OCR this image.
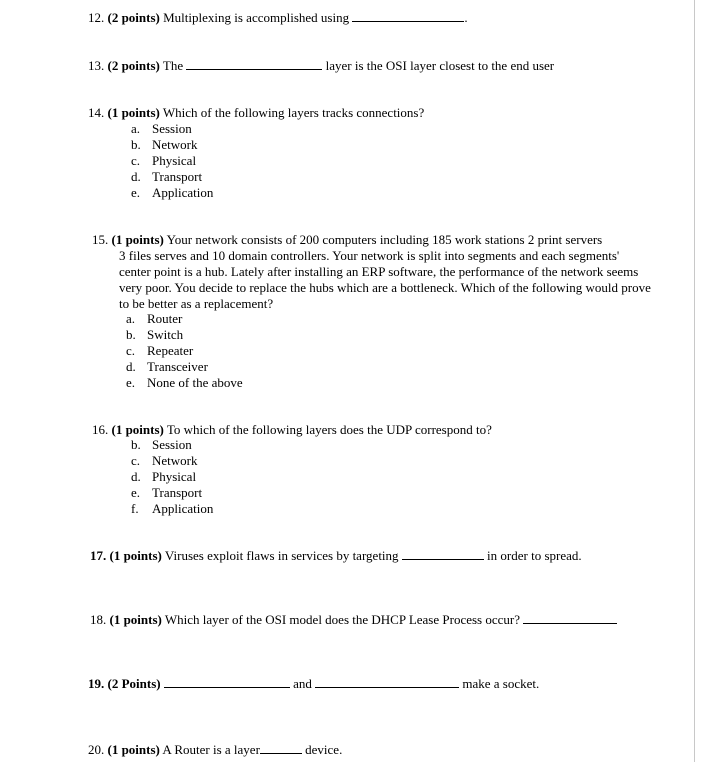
12. (2 points) Multiplexing is accomplished using	.
13. (2 points) The	layer is the OSI layer closest to the end user
14. (1 points) Which of the following layers tracks connections?
a. Session
b. Network
c. Physical
d. Transport
e. Application
15. (1 points) Your network consists of 200 computers including 185 work stations 2 print servers
3 files serves and 10 domain controllers. Your network is split into segments and each segments' center point is a hub. Lately after installing an ERP software, the performance of the network seems very poor. You decide to replace the hubs which are a bottleneck. Which of the following would prove to be better as a replacement?
a. Router
b. Switch
c. Repeater
d. Transceiver
e. None of the above
16. (1 points) To which of the following layers does the UDP correspond to?
b. Session
c. Network
d. Physical
e. Transport
f. Application
17. (1 points) Viruses exploit flaws in services by targeting	in order to spread.
18. (1 points) Which layer of the OSI model does the DHCP Lease Process occur?
19. (2 Points)	and	make a socket.
20. (1 points) A Router is a layer	device.
